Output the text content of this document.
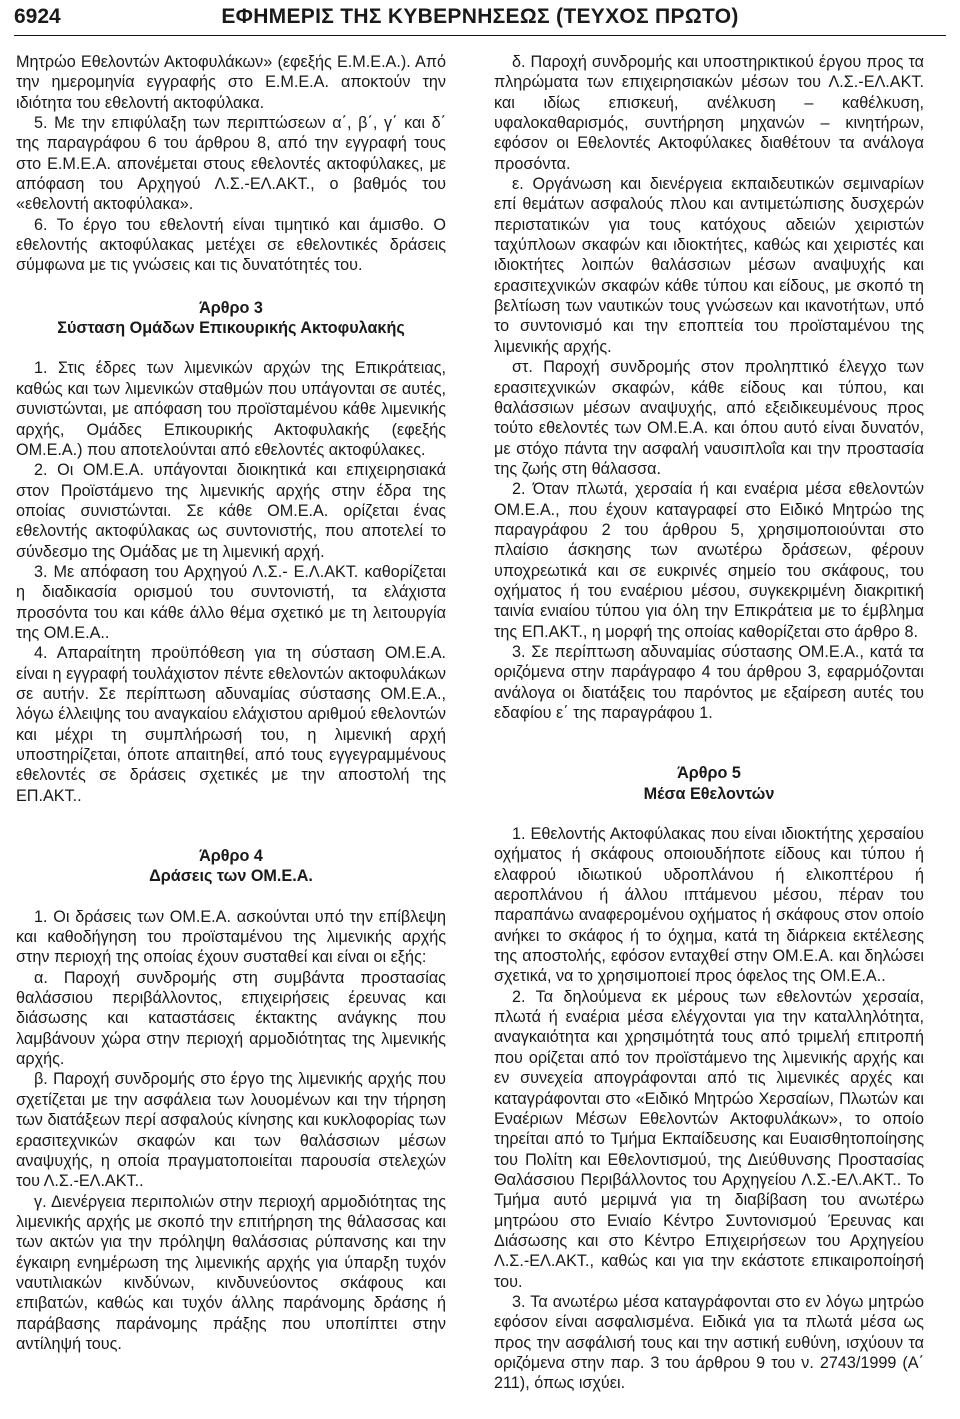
6924	ΕΦΗΜΕΡΙΣ ΤΗΣ ΚΥΒΕΡΝΗΣΕΩΣ (ΤΕΥΧΟΣ ΠΡΩΤΟ)

Μητρώο Εθελοντών Ακτοφυλάκων» (εφεξής Ε.Μ.Ε.Α.). Από την ημερομηνία εγγραφής στο Ε.Μ.Ε.Α. αποκτούν την ιδιότητα του εθελοντή ακτοφύλακα.

5. Με την επιφύλαξη των περιπτώσεων α΄, β΄, γ΄ και δ΄ της παραγράφου 6 του άρθρου 8, από την εγγραφή τους στο Ε.Μ.Ε.Α. απονέμεται στους εθελοντές ακτοφύλακες, με απόφαση του Αρχηγού Λ.Σ.-ΕΛ.ΑΚΤ., ο βαθμός του «εθελοντή ακτοφύλακα».

6. Το έργο του εθελοντή είναι τιμητικό και άμισθο. Ο εθελοντής ακτοφύλακας μετέχει σε εθελοντικές δράσεις σύμφωνα με τις γνώσεις και τις δυνατότητές του.

Άρθρο 3
Σύσταση Ομάδων Επικουρικής Ακτοφυλακής

1. Στις έδρες των λιμενικών αρχών της Επικράτειας, καθώς και των λιμενικών σταθμών που υπάγονται σε αυτές, συνιστώνται, με απόφαση του προϊσταμένου κάθε λιμενικής αρχής, Ομάδες Επικουρικής Ακτοφυλακής (εφεξής ΟΜ.Ε.Α.) που αποτελούνται από εθελοντές ακτοφύλακες.

2. Οι ΟΜ.Ε.Α. υπάγονται διοικητικά και επιχειρησιακά στον Προϊστάμενο της λιμενικής αρχής στην έδρα της οποίας συνιστώνται. Σε κάθε ΟΜ.Ε.Α. ορίζεται ένας εθελοντής ακτοφύλακας ως συντονιστής, που αποτελεί το σύνδεσμο της Ομάδας με τη λιμενική αρχή.

3. Με απόφαση του Αρχηγού Λ.Σ.- Ε.Λ.ΑΚΤ. καθορίζεται η διαδικασία ορισμού του συντονιστή, τα ελάχιστα προσόντα του και κάθε άλλο θέμα σχετικό με τη λειτουργία της ΟΜ.Ε.Α..

4. Απαραίτητη προϋπόθεση για τη σύσταση ΟΜ.Ε.Α. είναι η εγγραφή τουλάχιστον πέντε εθελοντών ακτοφυλάκων σε αυτήν. Σε περίπτωση αδυναμίας σύστασης ΟΜ.Ε.Α., λόγω έλλειψης του αναγκαίου ελάχιστου αριθμού εθελοντών και μέχρι τη συμπλήρωσή του, η λιμενική αρχή υποστηρίζεται, όποτε απαιτηθεί, από τους εγγεγραμμένους εθελοντές σε δράσεις σχετικές με την αποστολή της ΕΠ.ΑΚΤ..

Άρθρο 4
Δράσεις των ΟΜ.Ε.Α.

1. Οι δράσεις των ΟΜ.Ε.Α. ασκούνται υπό την επίβλεψη και καθοδήγηση του προϊσταμένου της λιμενικής αρχής στην περιοχή της οποίας έχουν συσταθεί και είναι οι εξής:

α. Παροχή συνδρομής στη συμβάντα προστασίας θαλάσσιου περιβάλλοντος, επιχειρήσεις έρευνας και διάσωσης και καταστάσεις έκτακτης ανάγκης που λαμβάνουν χώρα στην περιοχή αρμοδιότητας της λιμενικής αρχής.

β. Παροχή συνδρομής στο έργο της λιμενικής αρχής που σχετίζεται με την ασφάλεια των λουομένων και την τήρηση των διατάξεων περί ασφαλούς κίνησης και κυκλοφορίας των ερασιτεχνικών σκαφών και των θαλάσσιων μέσων αναψυχής, η οποία πραγματοποιείται παρουσία στελεχών του Λ.Σ.-ΕΛ.ΑΚΤ..

γ. Διενέργεια περιπολιών στην περιοχή αρμοδιότητας της λιμενικής αρχής με σκοπό την επιτήρηση της θάλασσας και των ακτών για την πρόληψη θαλάσσιας ρύπανσης και την έγκαιρη ενημέρωση της λιμενικής αρχής για ύπαρξη τυχόν ναυτιλιακών κινδύνων, κινδυνεύοντος σκάφους και επιβατών, καθώς και τυχόν άλλης παράνομης δράσης ή παράβασης παράνομης πράξης που υποπίπτει στην αντίληψή τους.

δ. Παροχή συνδρομής και υποστηρικτικού έργου προς τα πληρώματα των επιχειρησιακών μέσων του Λ.Σ.-ΕΛ.ΑΚΤ. και ιδίως επισκευή, ανέλκυση – καθέλκυση, υφαλοκαθαρισμός, συντήρηση μηχανών – κινητήρων, εφόσον οι Εθελοντές Ακτοφύλακες διαθέτουν τα ανάλογα προσόντα.

ε. Οργάνωση και διενέργεια εκπαιδευτικών σεμιναρίων επί θεμάτων ασφαλούς πλου και αντιμετώπισης δυσχερών περιστατικών για τους κατόχους αδειών χειριστών ταχύπλοων σκαφών και ιδιοκτήτες, καθώς και χειριστές και ιδιοκτήτες λοιπών θαλάσσιων μέσων αναψυχής και ερασιτεχνικών σκαφών κάθε τύπου και είδους, με σκοπό τη βελτίωση των ναυτικών τους γνώσεων και ικανοτήτων, υπό το συντονισμό και την εποπτεία του προϊσταμένου της λιμενικής αρχής.

στ. Παροχή συνδρομής στον προληπτικό έλεγχο των ερασιτεχνικών σκαφών, κάθε είδους και τύπου, και θαλάσσιων μέσων αναψυχής, από εξειδικευμένους προς τούτο εθελοντές των ΟΜ.Ε.Α. και όπου αυτό είναι δυνατόν, με στόχο πάντα την ασφαλή ναυσιπλοΐα και την προστασία της ζωής στη θάλασσα.

2. Όταν πλωτά, χερσαία ή και εναέρια μέσα εθελοντών ΟΜ.Ε.Α., που έχουν καταγραφεί στο Ειδικό Μητρώο της παραγράφου 2 του άρθρου 5, χρησιμοποιούνται στο πλαίσιο άσκησης των ανωτέρω δράσεων, φέρουν υποχρεωτικά και σε ευκρινές σημείο του σκάφους, του οχήματος ή του εναέριου μέσου, συγκεκριμένη διακριτική ταινία ενιαίου τύπου για όλη την Επικράτεια με το έμβλημα της ΕΠ.ΑΚΤ., η μορφή της οποίας καθορίζεται στο άρθρο 8.

3. Σε περίπτωση αδυναμίας σύστασης ΟΜ.Ε.Α., κατά τα οριζόμενα στην παράγραφο 4 του άρθρου 3, εφαρμόζονται ανάλογα οι διατάξεις του παρόντος με εξαίρεση αυτές του εδαφίου ε΄ της παραγράφου 1.

Άρθρο 5
Μέσα Εθελοντών

1. Εθελοντής Ακτοφύλακας που είναι ιδιοκτήτης χερσαίου οχήματος ή σκάφους οποιουδήποτε είδους και τύπου ή ελαφρού ιδιωτικού υδροπλάνου ή ελικοπτέρου ή αεροπλάνου ή άλλου ιπτάμενου μέσου, πέραν του παραπάνω αναφερομένου οχήματος ή σκάφους στον οποίο ανήκει το σκάφος ή το όχημα, κατά τη διάρκεια εκτέλεσης της αποστολής, εφόσον ενταχθεί στην ΟΜ.Ε.Α. και δηλώσει σχετικά, να το χρησιμοποιεί προς όφελος της ΟΜ.Ε.Α..

2. Τα δηλούμενα εκ μέρους των εθελοντών χερσαία, πλωτά ή εναέρια μέσα ελέγχονται για την καταλληλότητα, αναγκαιότητα και χρησιμότητά τους από τριμελή επιτροπή που ορίζεται από τον προϊστάμενο της λιμενικής αρχής και εν συνεχεία απογράφονται από τις λιμενικές αρχές και καταγράφονται στο «Ειδικό Μητρώο Χερσαίων, Πλωτών και Εναέριων Μέσων Εθελοντών Ακτοφυλάκων», το οποίο τηρείται από το Τμήμα Εκπαίδευσης και Ευαισθητοποίησης του Πολίτη και Εθελοντισμού, της Διεύθυνσης Προστασίας Θαλάσσιου Περιβάλλοντος του Αρχηγείου Λ.Σ.-ΕΛ.ΑΚΤ.. Το Τμήμα αυτό μεριμνά για τη διαβίβαση του ανωτέρω μητρώου στο Ενιαίο Κέντρο Συντονισμού Έρευνας και Διάσωσης και στο Κέντρο Επιχειρήσεων του Αρχηγείου Λ.Σ.-ΕΛ.ΑΚΤ., καθώς και για την εκάστοτε επικαιροποίησή του.

3. Τα ανωτέρω μέσα καταγράφονται στο εν λόγω μητρώο εφόσον είναι ασφαλισμένα. Ειδικά για τα πλωτά μέσα ως προς την ασφάλισή τους και την αστική ευθύνη, ισχύουν τα οριζόμενα στην παρ. 3 του άρθρου 9 του ν. 2743/1999 (Α΄ 211), όπως ισχύει.
